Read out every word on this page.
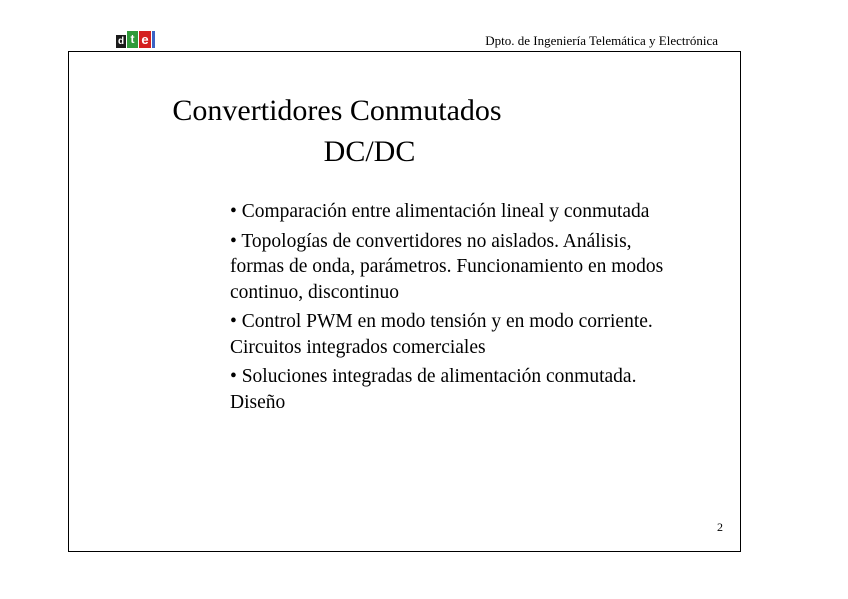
d t e	Dpto. de Ingeniería Telemática y Electrónica
Convertidores Conmutados
DC/DC
• Comparación entre alimentación lineal y conmutada
• Topologías de convertidores no aislados. Análisis, formas de onda, parámetros. Funcionamiento en modos continuo, discontinuo
• Control PWM en modo tensión y en modo corriente. Circuitos integrados comerciales
• Soluciones integradas de alimentación conmutada. Diseño
2
